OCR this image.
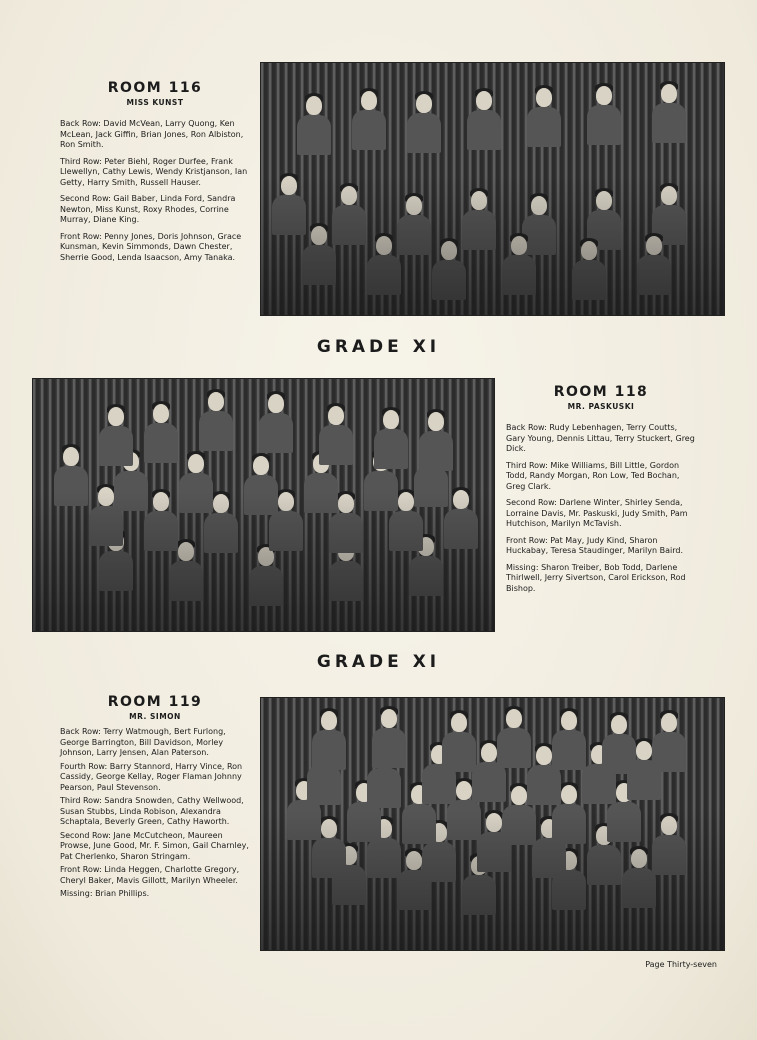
ROOM 116
MISS KUNST

Back Row: David McVean, Larry Quong, Ken McLean, Jack Giffin, Brian Jones, Ron Albiston, Ron Smith.

Third Row: Peter Biehl, Roger Durfee, Frank Llewellyn, Cathy Lewis, Wendy Kristjanson, Ian Getty, Harry Smith, Russell Hauser.

Second Row: Gail Baber, Linda Ford, Sandra Newton, Miss Kunst, Roxy Rhodes, Corrine Murray, Diane King.

Front Row: Penny Jones, Doris Johnson, Grace Kunsman, Kevin Simmonds, Dawn Chester, Sherrie Good, Lenda Isaacson, Amy Tanaka.

GRADE XI
ROOM 118
MR. PASKUSKI

Back Row: Rudy Lebenhagen, Terry Coutts, Gary Young, Dennis Littau, Terry Stuckert, Greg Dick.

Third Row: Mike Williams, Bill Little, Gordon Todd, Randy Morgan, Ron Low, Ted Bochan, Greg Clark.

Second Row: Darlene Winter, Shirley Senda, Lorraine Davis, Mr. Paskuski, Judy Smith, Pam Hutchison, Marilyn McTavish.

Front Row: Pat May, Judy Kind, Sharon Huckabay, Teresa Staudinger, Marilyn Baird.

Missing: Sharon Treiber, Bob Todd, Darlene Thirlwell, Jerry Sivertson, Carol Erickson, Rod Bishop.

GRADE XI
ROOM 119
MR. SIMON

Back Row: Terry Watmough, Bert Furlong, George Barrington, Bill Davidson, Morley Johnson, Larry Jensen, Alan Paterson.

Fourth Row: Barry Stannord, Harry Vince, Ron Cassidy, George Kellay, Roger Flaman Johnny Pearson, Paul Stevenson.

Third Row: Sandra Snowden, Cathy Wellwood, Susan Stubbs, Linda Robison, Alexandra Schaptala, Beverly Green, Cathy Haworth.

Second Row: Jane McCutcheon, Maureen Prowse, June Good, Mr. F. Simon, Gail Charnley, Pat Cherlenko, Sharon Stringam.

Front Row: Linda Heggen, Charlotte Gregory, Cheryl Baker, Mavis Gillott, Marilyn Wheeler.

Missing: Brian Phillips.

Page Thirty-seven
